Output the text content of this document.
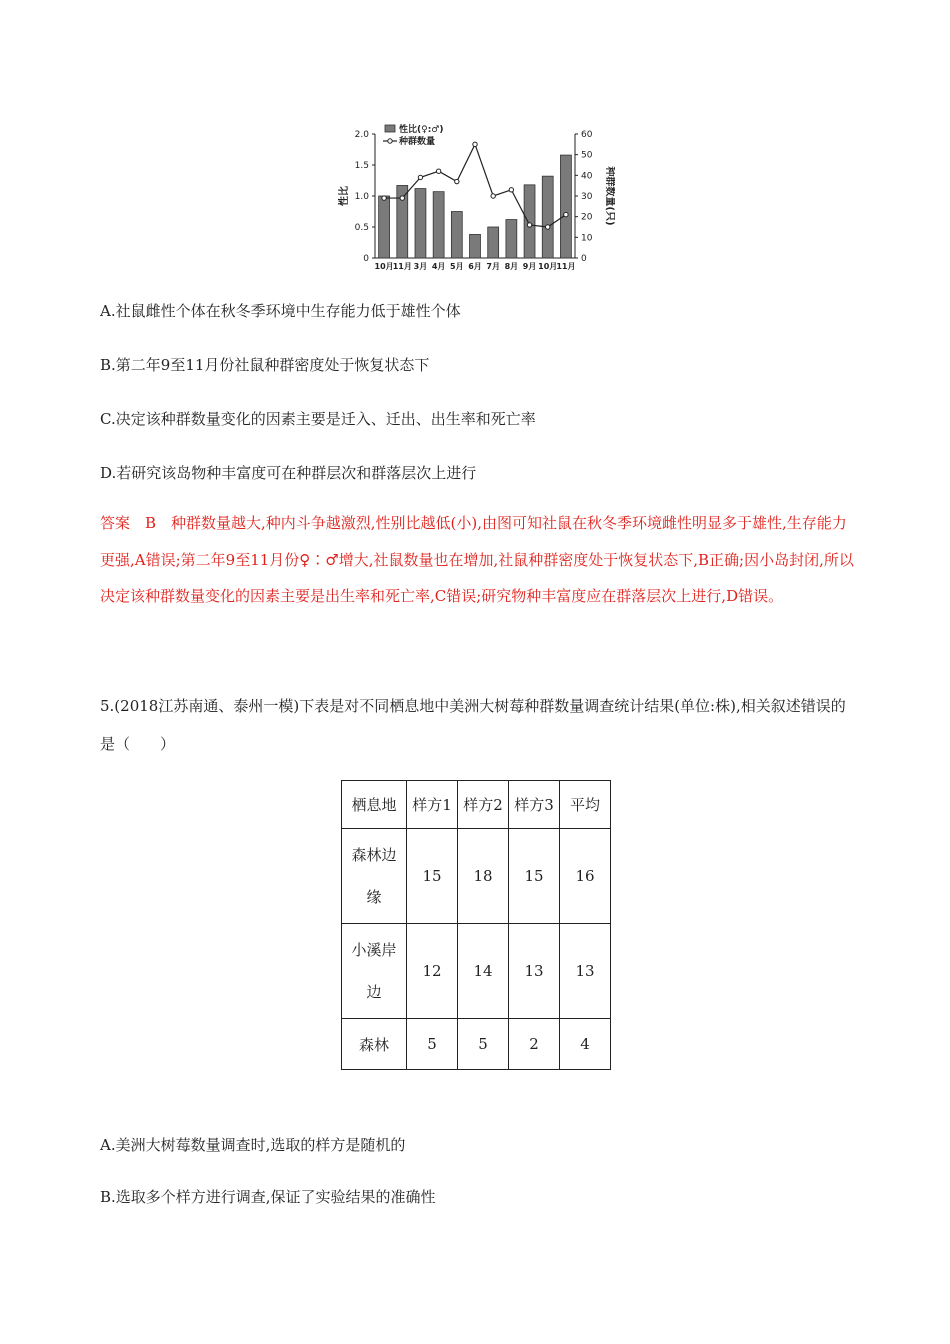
0
0.5
1.0
1.5
2.0
0
10
20
30
40
50
60
性比	种群数量(只)
10月 11月 3月 4月 5月 6月 7月 8月 9月 10月 11月
性比(♀:♂)
种群数量
A.社鼠雌性个体在秋冬季环境中生存能力低于雄性个体
B.第二年9至11月份社鼠种群密度处于恢复状态下
C.决定该种群数量变化的因素主要是迁入、迁出、出生率和死亡率
D.若研究该岛物种丰富度可在种群层次和群落层次上进行
答案　B　种群数量越大,种内斗争越激烈,性别比越低(小),由图可知社鼠在秋冬季环境雌性明显多于雄性,生存能力更强,A错误;第二年9至11月份♀∶♂增大,社鼠数量也在增加,社鼠种群密度处于恢复状态下,B正确;因小岛封闭,所以决定该种群数量变化的因素主要是出生率和死亡率,C错误;研究物种丰富度应在群落层次上进行,D错误。
5.(2018江苏南通、泰州一模)下表是对不同栖息地中美洲大树莓种群数量调查统计结果(单位:株),相关叙述错误的是（　　）
栖息地	样方1	样方2	样方3	平均

森林边
缘	15	18	15	16

小溪岸
边	12	14	13	13
森林	5	5	2	4
A.美洲大树莓数量调查时,选取的样方是随机的
B.选取多个样方进行调查,保证了实验结果的准确性
